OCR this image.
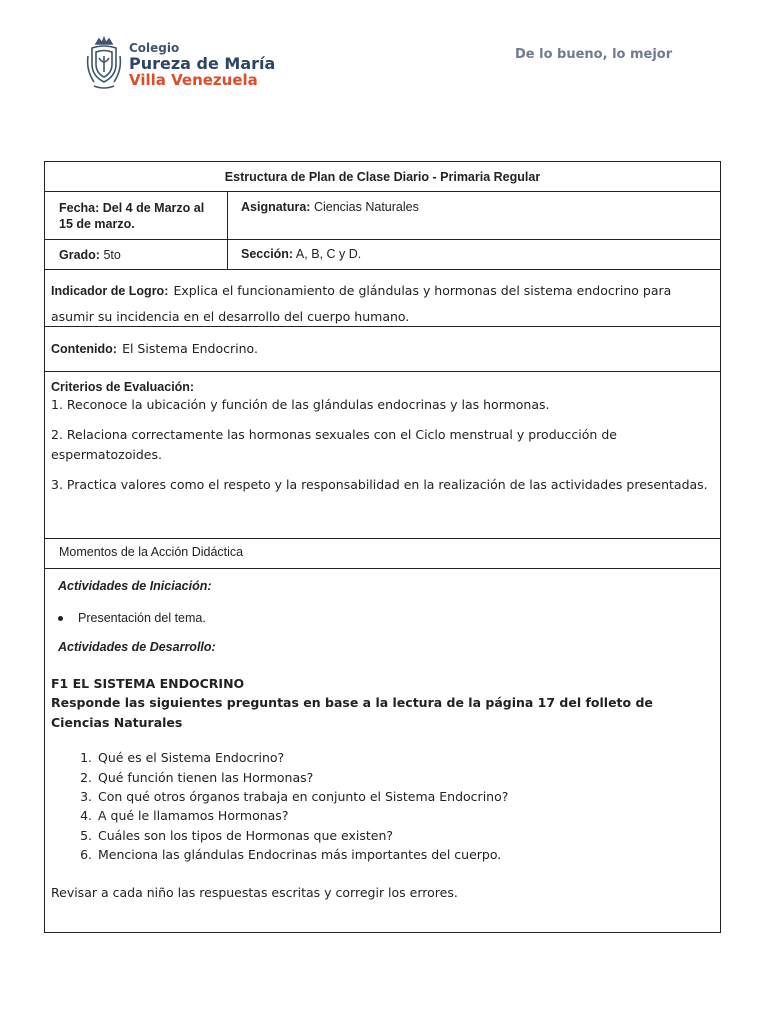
Colegio
Pureza de María
Villa Venezuela
De lo bueno, lo mejor
Estructura de Plan de Clase Diario - Primaria Regular
Fecha: Del 4 de Marzo al 15 de marzo.
Asignatura: Ciencias Naturales
Grado: 5to	Sección: A, B, C y D.
Indicador de Logro: Explica el funcionamiento de glándulas y hormonas del sistema endocrino para asumir su incidencia en el desarrollo del cuerpo humano.
Contenido: El Sistema Endocrino.
Criterios de Evaluación:

1. Reconoce la ubicación y función de las glándulas endocrinas y las hormonas.

2. Relaciona correctamente las hormonas sexuales con el Ciclo menstrual y producción de espermatozoides.

3. Practica valores como el respeto y la responsabilidad en la realización de las actividades presentadas.

Momentos de la Acción Didáctica
Actividades de Iniciación:
Presentación del tema.
Actividades de Desarrollo:
F1 EL SISTEMA ENDOCRINO
Responde las siguientes preguntas en base a la lectura de la página 17 del folleto de Ciencias Naturales
1. Qué es el Sistema Endocrino?
2. Qué función tienen las Hormonas?
3. Con qué otros órganos trabaja en conjunto el Sistema Endocrino?
4. A qué le llamamos Hormonas?
5. Cuáles son los tipos de Hormonas que existen?
6. Menciona las glándulas Endocrinas más importantes del cuerpo.
Revisar a cada niño las respuestas escritas y corregir los errores.
